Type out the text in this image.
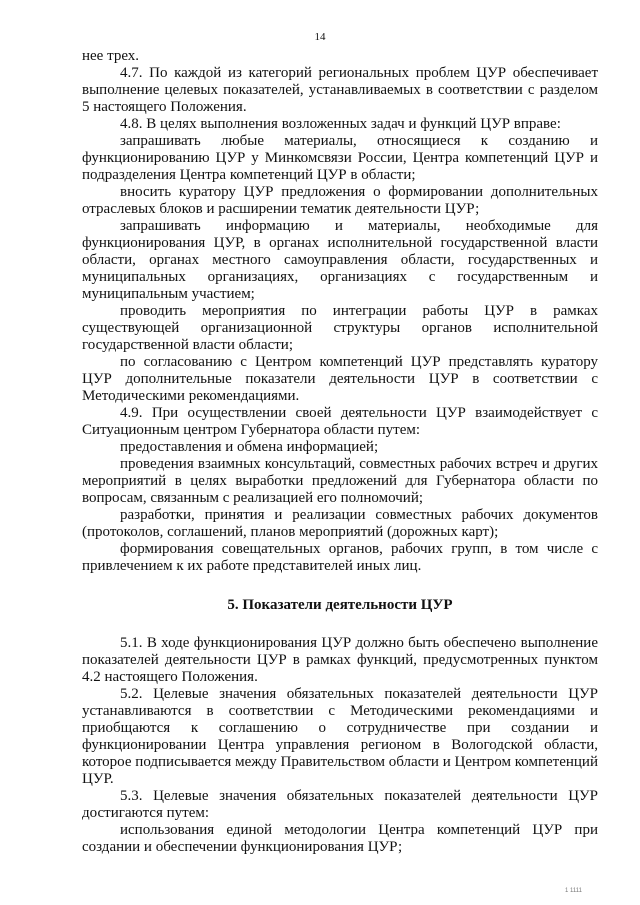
14

нее трех.

4.7. По каждой из категорий региональных проблем ЦУР обеспечивает выполнение целевых показателей, устанавливаемых в соответствии с разделом 5 настоящего Положения.

4.8. В целях выполнения возложенных задач и функций ЦУР вправе:

запрашивать любые материалы, относящиеся к созданию и функционированию ЦУР у Минкомсвязи России, Центра компетенций ЦУР и подразделения Центра компетенций ЦУР в области;

вносить куратору ЦУР предложения о формировании дополнительных отраслевых блоков и расширении тематик деятельности ЦУР;

запрашивать информацию и материалы, необходимые для функционирования ЦУР, в органах исполнительной государственной власти области, органах местного самоуправления области, государственных и муниципальных организациях, организациях с государственным и муниципальным участием;

проводить мероприятия по интеграции работы ЦУР в рамках существующей организационной структуры органов исполнительной государственной власти области;

по согласованию с Центром компетенций ЦУР представлять куратору ЦУР дополнительные показатели деятельности ЦУР в соответствии с Методическими рекомендациями.

4.9. При осуществлении своей деятельности ЦУР взаимодействует с Ситуационным центром Губернатора области путем:

предоставления и обмена информацией;

проведения взаимных консультаций, совместных рабочих встреч и других мероприятий в целях выработки предложений для Губернатора области по вопросам, связанным с реализацией его полномочий;

разработки, принятия и реализации совместных рабочих документов (протоколов, соглашений, планов мероприятий (дорожных карт);

формирования совещательных органов, рабочих групп, в том числе с привлечением к их работе представителей иных лиц.

5. Показатели деятельности ЦУР

5.1. В ходе функционирования ЦУР должно быть обеспечено выполнение показателей деятельности ЦУР в рамках функций, предусмотренных пунктом 4.2 настоящего Положения.

5.2. Целевые значения обязательных показателей деятельности ЦУР устанавливаются в соответствии с Методическими рекомендациями и приобщаются к соглашению о сотрудничестве при создании и функционировании Центра управления регионом в Вологодской области, которое подписывается между Правительством области и Центром компетенций ЦУР.

5.3. Целевые значения обязательных показателей деятельности ЦУР достигаются путем:

использования единой методологии Центра компетенций ЦУР при создании и обеспечении функционирования ЦУР;

1 1111
